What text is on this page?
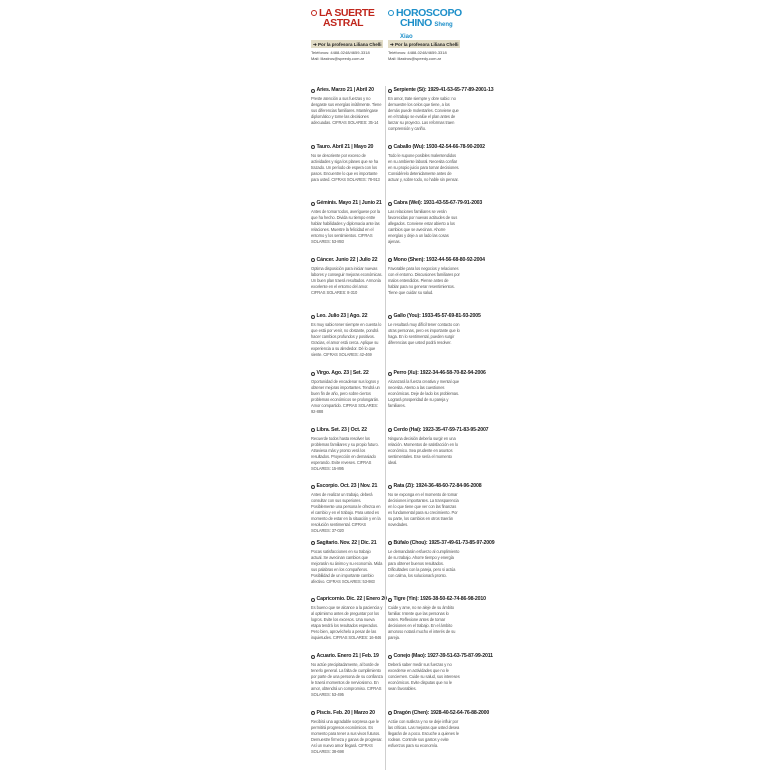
LA SUERTE
ASTRAL
➔ Por la profesora Liliana Chelli
Teléfonos: 4488-0248/4659-3318
Mail: lilastros@speedy.com.ar
Aries. Marzo 21 | Abril 20
Preste atención a sus fuerzas y no desgaste sus energías inútilmente. Tiene sus diferencias familiares. Manténgase diplomático y tome las decisiones adecuadas. CIFRAS SOLARES: 35-14
Tauro. Abril 21 | Mayo 20
No se desoriente por exceso de actividades y siga los planes que se ha trazado. Un período de espera con los pasos. Encuentre lo que es importante para usted. CIFRAS SOLARES: 78-913
Géminis. Mayo 21 | Junio 21
Antes de tomar todos, averíguese por la que ha hecho. Divida su tiempo entre hablar habilidades y diplomacia ante las relaciones. Muestre la felicidad en el entorno y los sentimientos. CIFRAS SOLARES: 53-893
Cáncer. Junio 22 | Julio 22
Optima disposición para iniciar nuevas labores y conseguir mejoras económicas. Un buen plan traerá resultados. Armonía excelente en el entorno del amor. CIFRAS SOLARES: 8-310
Leo. Julio 23 | Ago. 22
Es muy sabio tener siempre en cuenta lo que está por venir, no obstante, pondrá hacer cambios profundos y positivos. Gracias, el amor está cerca. Aplique su experiencia a su alrededor. Dé lo que siente. CIFRAS SOLARES: 42-469
Virgo. Ago. 23 | Set. 22
Oportunidad de encadenar sus logros y obtener mejoras importantes. Tendrá un buen fin de año, pero sobre ciertos problemas económicos se prolongarán. Amor compartido. CIFRAS SOLARES: 92-888
Libra. Set. 23 | Oct. 22
Recuerde todos hasta resolver los problemas familiares y su propio futuro. Atraviesa más y pronto verá los resultados. Proyección en demasiado esperando. Evite reveses. CIFRAS SOLARES: 15-895
Escorpio. Oct. 23 | Nov. 21
Antes de realizar un trabajo, deberá consultar con sus superiores. Posiblemente una persona le ofrezca en el cambio y en el trabajo. Para usted es momento de estar en la situación y en la resolución sentimental. CIFRAS SOLARES: 37-020
Sagitario. Nov. 22 | Dic. 21
Pocas satisfacciones en su trabajo actual. Se avecinan cambios que mejorarán su ánimo y su economía. Mida sus palabras en los compañeros. Posibilidad de un importante cambio afectivo. CIFRAS SOLARES: 53-983
Capricornio. Dic. 22 | Enero 20
Es bueno que se alcance a la paciencia y al optimismo antes de preguntar por los logros. Evite los excesos. Una nueva etapa tendrá los resultados esperados. Pero bien, aprovéchelo a pesar de las inquietudes. CIFRAS SOLARES: 16-846
Acuario. Enero 21 | Feb. 19
No actúe precipitadamente, al borde de tenerlo general. La falta de cumplimiento por parte de una persona de su confianza le traerá momentos de nerviosismo. En amor, obtendrá un compromiso. CIFRAS SOLARES: 53-495
Piscis. Feb. 20 | Marzo 20
Recibirá una agradable sorpresa que le permitirá progresos económicos. Es momento para tener a sus vivos futuros. Demuestre firmeza y ganas de progresar. Así un nuevo amor llegará. CIFRAS SOLARES: 38-698
HOROSCOPO
CHINO Sheng Xiao
➔ Por la profesora Liliana Chelli
Teléfonos: 4488-0248/4659-3318
Mail: lilastros@speedy.com.ar
Serpiente (Si): 1929-41-53-65-77-89-2001-13
En amor, trate siempre y obre sabio: no demuestre los celos que tiene, a los demás puede molestarles. Conviene que en el trabajo se evalúe el plan antes de lanzar su proyecto. Las reformas traen comprensión y cariño.
Caballo (Wu): 1930-42-54-66-78-90-2002
Todo le supone posibles malentendidos en su ambiente laboral. Necesita confiar en su propio juicio para tomar decisiones. Considérelo detenidamente antes de actuar y, sobre todo, no hable sin pensar.
Cabra (Wei): 1931-43-55-67-79-91-2003
Las relaciones familiares se verán favorecidas por nuevas actitudes de sus allegados. Conviene estar abierto a los cambios que se avecinan. Ahorre energías y deje a un lado las cosas ajenas.
Mono (Shen): 1932-44-56-68-80-92-2004
Favorable para los negocios y relaciones con el entorno. Discusiones familiares por malos entendidos. Piense antes de hablar para no generar resentimientos. Tiene que cuidar su salud.
Gallo (You): 1933-45-57-69-81-93-2005
Le resultará muy difícil tener contacto con otras personas, pero es importante que lo haga. En lo sentimental, pueden surgir diferencias que usted podrá resolver.
Perro (Xu): 1922-34-46-58-70-82-94-2006
Alcanzará la fuerza creativa y mental que necesita. Atento a las cuestiones económicas. Deje de lado los problemas. Logrará prosperidad de su pareja y familiares.
Cerdo (Hai): 1923-35-47-59-71-83-95-2007
Ninguna decisión debería surgir en una relación. Momentos de satisfacción en lo económico. Sea prudente en asuntos sentimentales. Ese sería el momento ideal.
Rata (Zi): 1924-36-48-60-72-84-96-2008
No se exponga en el momento de tomar decisiones importantes. La transparencia en lo que tiene que ver con las finanzas es fundamental para su crecimiento. Por su parte, los cambios en otros traerán novedades.
Búfalo (Chou): 1925-37-49-61-73-85-97-2009
Le demandarán esfuerzo al cumplimiento de su trabajo. Ahorre tiempo y energía para obtener buenos resultados. Dificultades con la pareja, pero si actúa con calma, los solucionará pronto.
Tigre (Yin): 1926-38-50-62-74-86-98-2010
Cuide y ame, no se aleje de su ámbito familiar. Intente que las personas lo noten. Reflexione antes de tomar decisiones en el trabajo. En el ámbito amoroso notará mucho el interés de su pareja.
Conejo (Mao): 1927-39-51-63-75-87-99-2011
Deberá saber medir sus fuerzas y no excederse en actividades que no le conciernen. Cuide su salud, sus intereses económicos. Evite disputas que no le sean favorables.
Dragón (Chen): 1928-40-52-64-76-88-2000
Actúe con sutileza y no se deje influir por las críticas. Las mejoras que usted desea llegarán de a poco. Escuche a quienes le rodean. Controle sus gastos y evite esfuerzos para su economía.
